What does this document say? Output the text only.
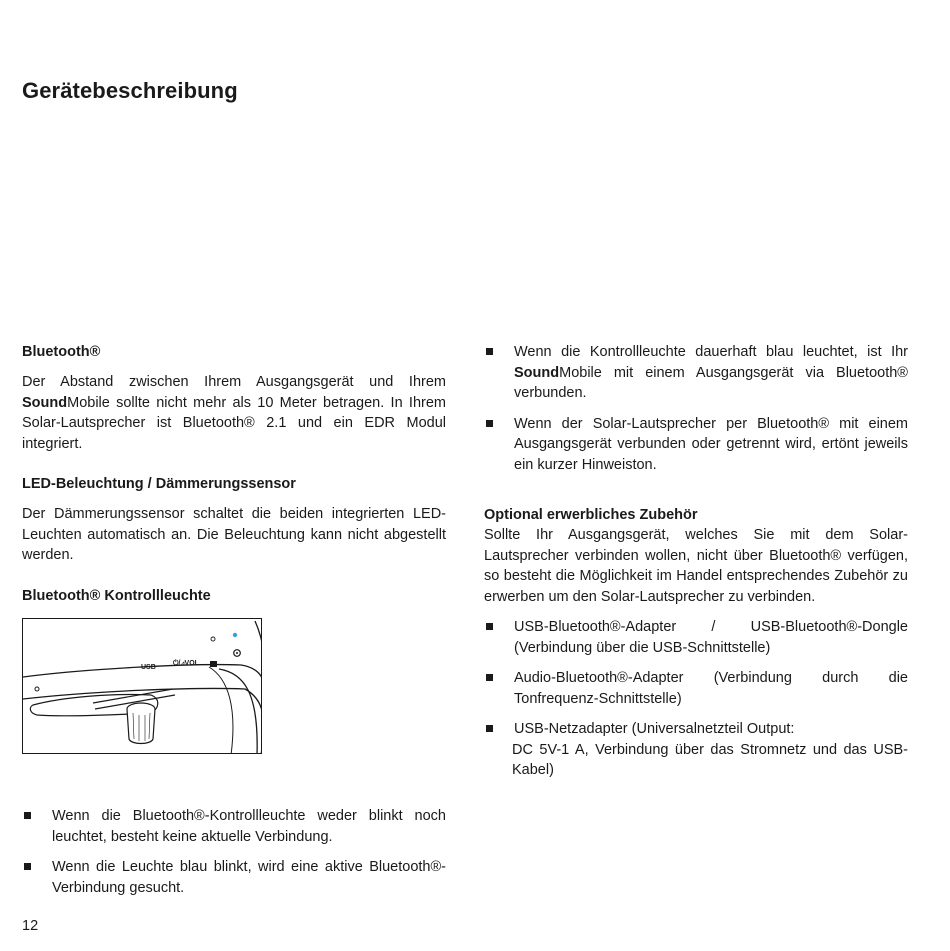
Gerätebeschreibung

Bluetooth®

Der Abstand zwischen Ihrem Ausgangsgerät und Ihrem SoundMobile sollte nicht mehr als 10 Meter betragen. In Ihrem Solar-Lautsprecher ist Bluetooth® 2.1 und ein EDR Modul integriert.

LED-Beleuchtung / Dämmerungssensor

Der Dämmerungssensor schaltet die beiden integrierten LED-Leuchten automatisch an. Die Beleuchtung kann nicht abgestellt werden.

Bluetooth® Kontrollleuchte

USB
⏻/⊿VOL
Wenn die Bluetooth®-Kontrollleuchte weder blinkt noch leuchtet, besteht keine aktuelle Verbindung.
Wenn die Leuchte blau blinkt, wird eine aktive Bluetooth®-Verbindung gesucht.
Wenn die Kontrollleuchte dauerhaft blau leuchtet, ist Ihr SoundMobile mit einem Ausgangsgerät via Bluetooth® verbunden.
Wenn der Solar-Lautsprecher per Bluetooth® mit einem Ausgangsgerät verbunden oder getrennt wird, ertönt jeweils ein kurzer Hinweiston.

Optional erwerbliches Zubehör

Sollte Ihr Ausgangsgerät, welches Sie mit dem Solar-Lautsprecher verbinden wollen, nicht über Bluetooth® verfügen, so besteht die Möglichkeit im Handel entsprechendes Zubehör zu erwerben um den Solar-Lautsprecher zu verbinden.

USB-Bluetooth®-Adapter / USB-Bluetooth®-Dongle (Verbindung über die USB-Schnittstelle)
Audio-Bluetooth®-Adapter (Verbindung durch die Tonfrequenz-Schnittstelle)
USB-Netzadapter (Universalnetzteil Output:
DC 5V-1 A, Verbindung über das Stromnetz und das USB-Kabel)
12
